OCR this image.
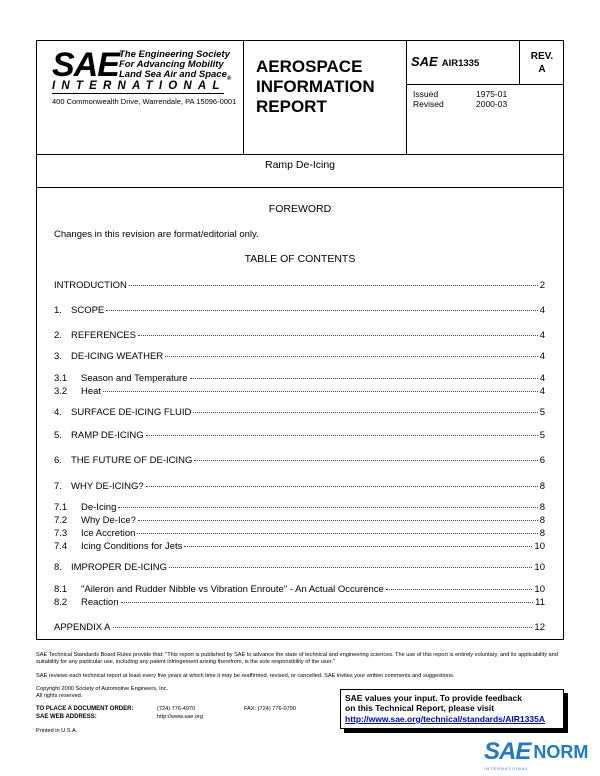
SAE The Engineering Society
For Advancing Mobility
Land Sea Air and Space$_®$
INTERNATIONAL
400 Commonwealth Drive, Warrendale, PA 15096-0001
AEROSPACE
INFORMATION
REPORT
SAE AIR1335
REV.
A
Issued	1975-01
Revised	2000-03
Ramp De-Icing
FOREWORD
Changes in this revision are format/editorial only.
TABLE OF CONTENTS
INTRODUCTION	2
1. SCOPE	4
2. REFERENCES	4
3. DE-ICING WEATHER	4
3.1	Season and Temperature	4
3.2	Heat	4
4. SURFACE DE-ICING FLUID	5
5. RAMP DE-ICING	5
6. THE FUTURE OF DE-ICING	6
7. WHY DE-ICING?	8
7.1	De-Icing	8
7.2	Why De-Ice?	8
7.3	Ice Accretion	8
7.4	Icing Conditions for Jets	10
8. IMPROPER DE-ICING	10
8.1	"Aileron and Rudder Nibble vs Vibration Enroute" - An Actual Occurence	10
8.2	Reaction	11
APPENDIX A	12
SAE Technical Standards Board Rules provide that: "This report is published by SAE to advance the state of technical and engineering sciences. The use of this report is entirely voluntary, and its applicability and suitability for any particular use, including any patent infringement arising therefrom, is the sole responsibility of the user."
SAE reviews each technical report at least every five years at which time it may be reaffirmed, revised, or cancelled. SAE invites your written comments and suggestions.
Copyright 2000 Society of Automotive Engineers, Inc.
All rights reserved.
TO PLACE A DOCUMENT ORDER:	(724) 776-4970	FAX: (724) 776-0790
SAE WEB ADDRESS:	http://www.sae.org
Printed in U.S.A.
SAE values your input. To provide feedback
on this Technical Report, please visit
http://www.sae.org/technical/standards/AIR1335A
SAE NORM
INTERNATIONAL
